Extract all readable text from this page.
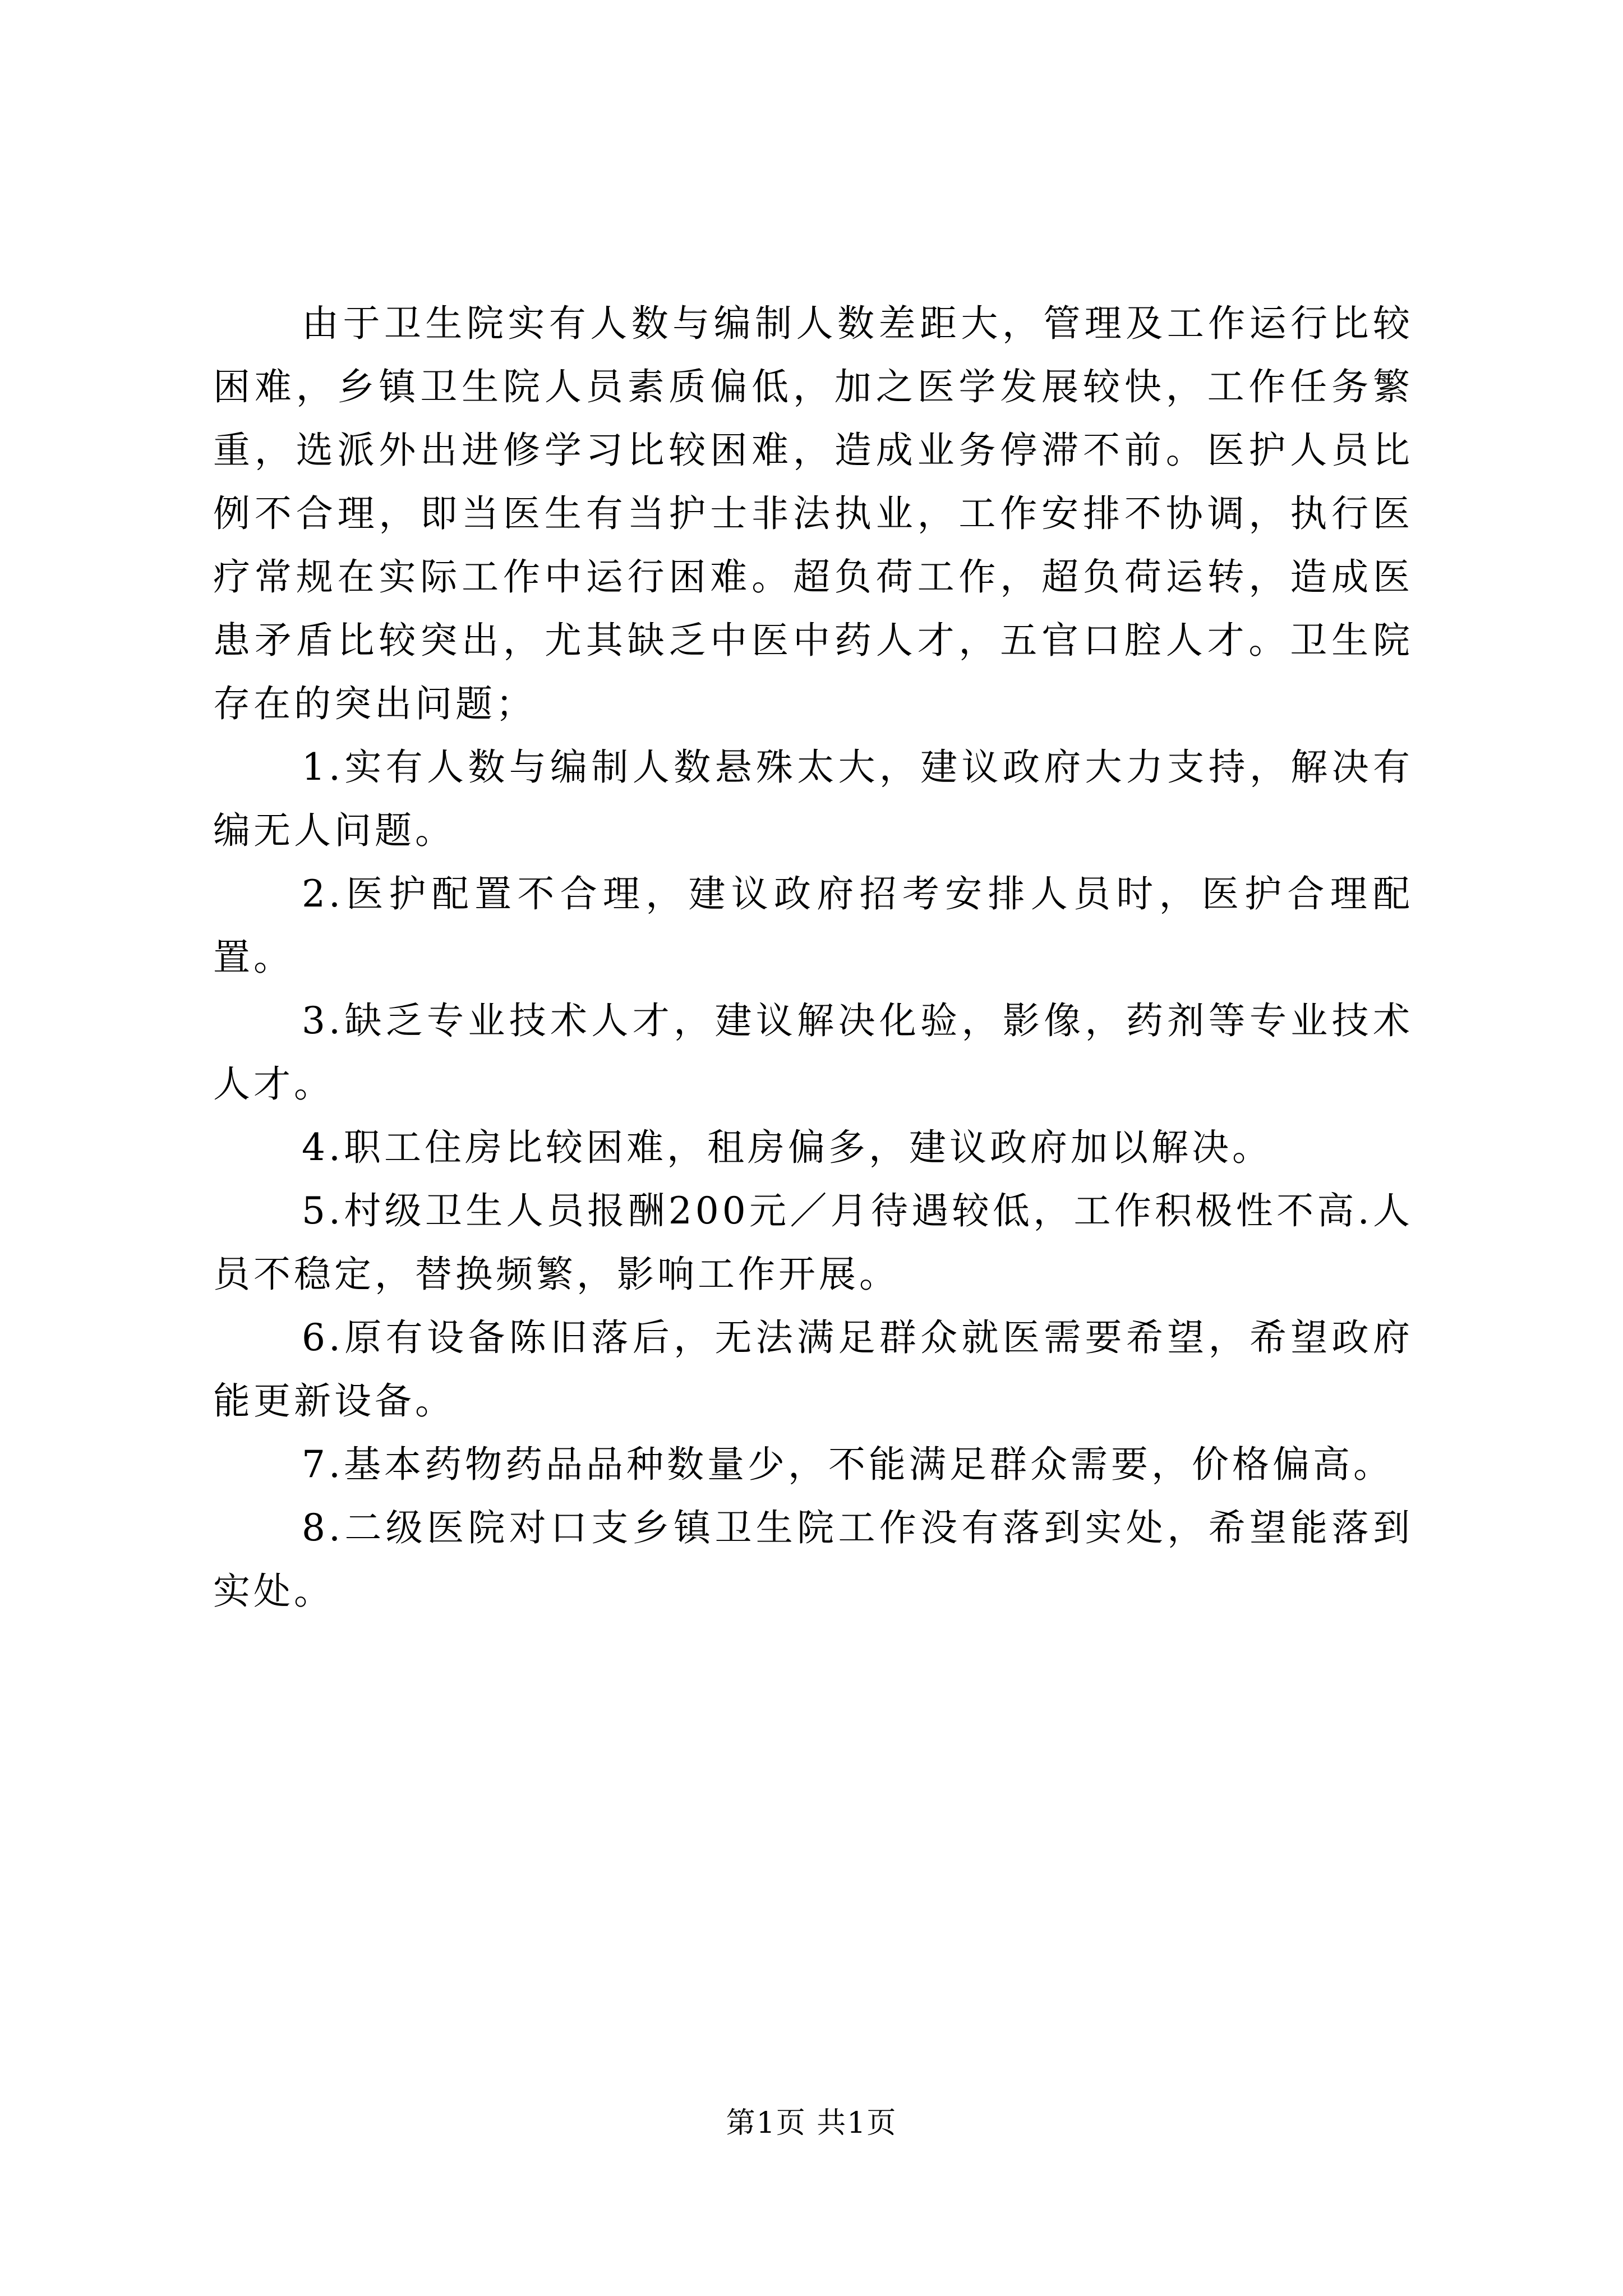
由于卫生院实有人数与编制人数差距大，管理及工作运行比较困难，乡镇卫生院人员素质偏低，加之医学发展较快，工作任务繁重，选派外出进修学习比较困难，造成业务停滞不前。医护人员比例不合理，即当医生有当护士非法执业，工作安排不协调，执行医疗常规在实际工作中运行困难。超负荷工作，超负荷运转，造成医患矛盾比较突出，尤其缺乏中医中药人才，五官口腔人才。卫生院存在的突出问题；

1.实有人数与编制人数悬殊太大，建议政府大力支持，解决有编无人问题。

2.医护配置不合理，建议政府招考安排人员时，医护合理配置。

3.缺乏专业技术人才，建议解决化验，影像，药剂等专业技术人才。

4.职工住房比较困难，租房偏多，建议政府加以解决。

5.村级卫生人员报酬200元／月待遇较低，工作积极性不高.人员不稳定，替换频繁，影响工作开展。

6.原有设备陈旧落后，无法满足群众就医需要希望，希望政府能更新设备。

7.基本药物药品品种数量少，不能满足群众需要，价格偏高。

8.二级医院对口支乡镇卫生院工作没有落到实处，希望能落到实处。

第1页 共1页
